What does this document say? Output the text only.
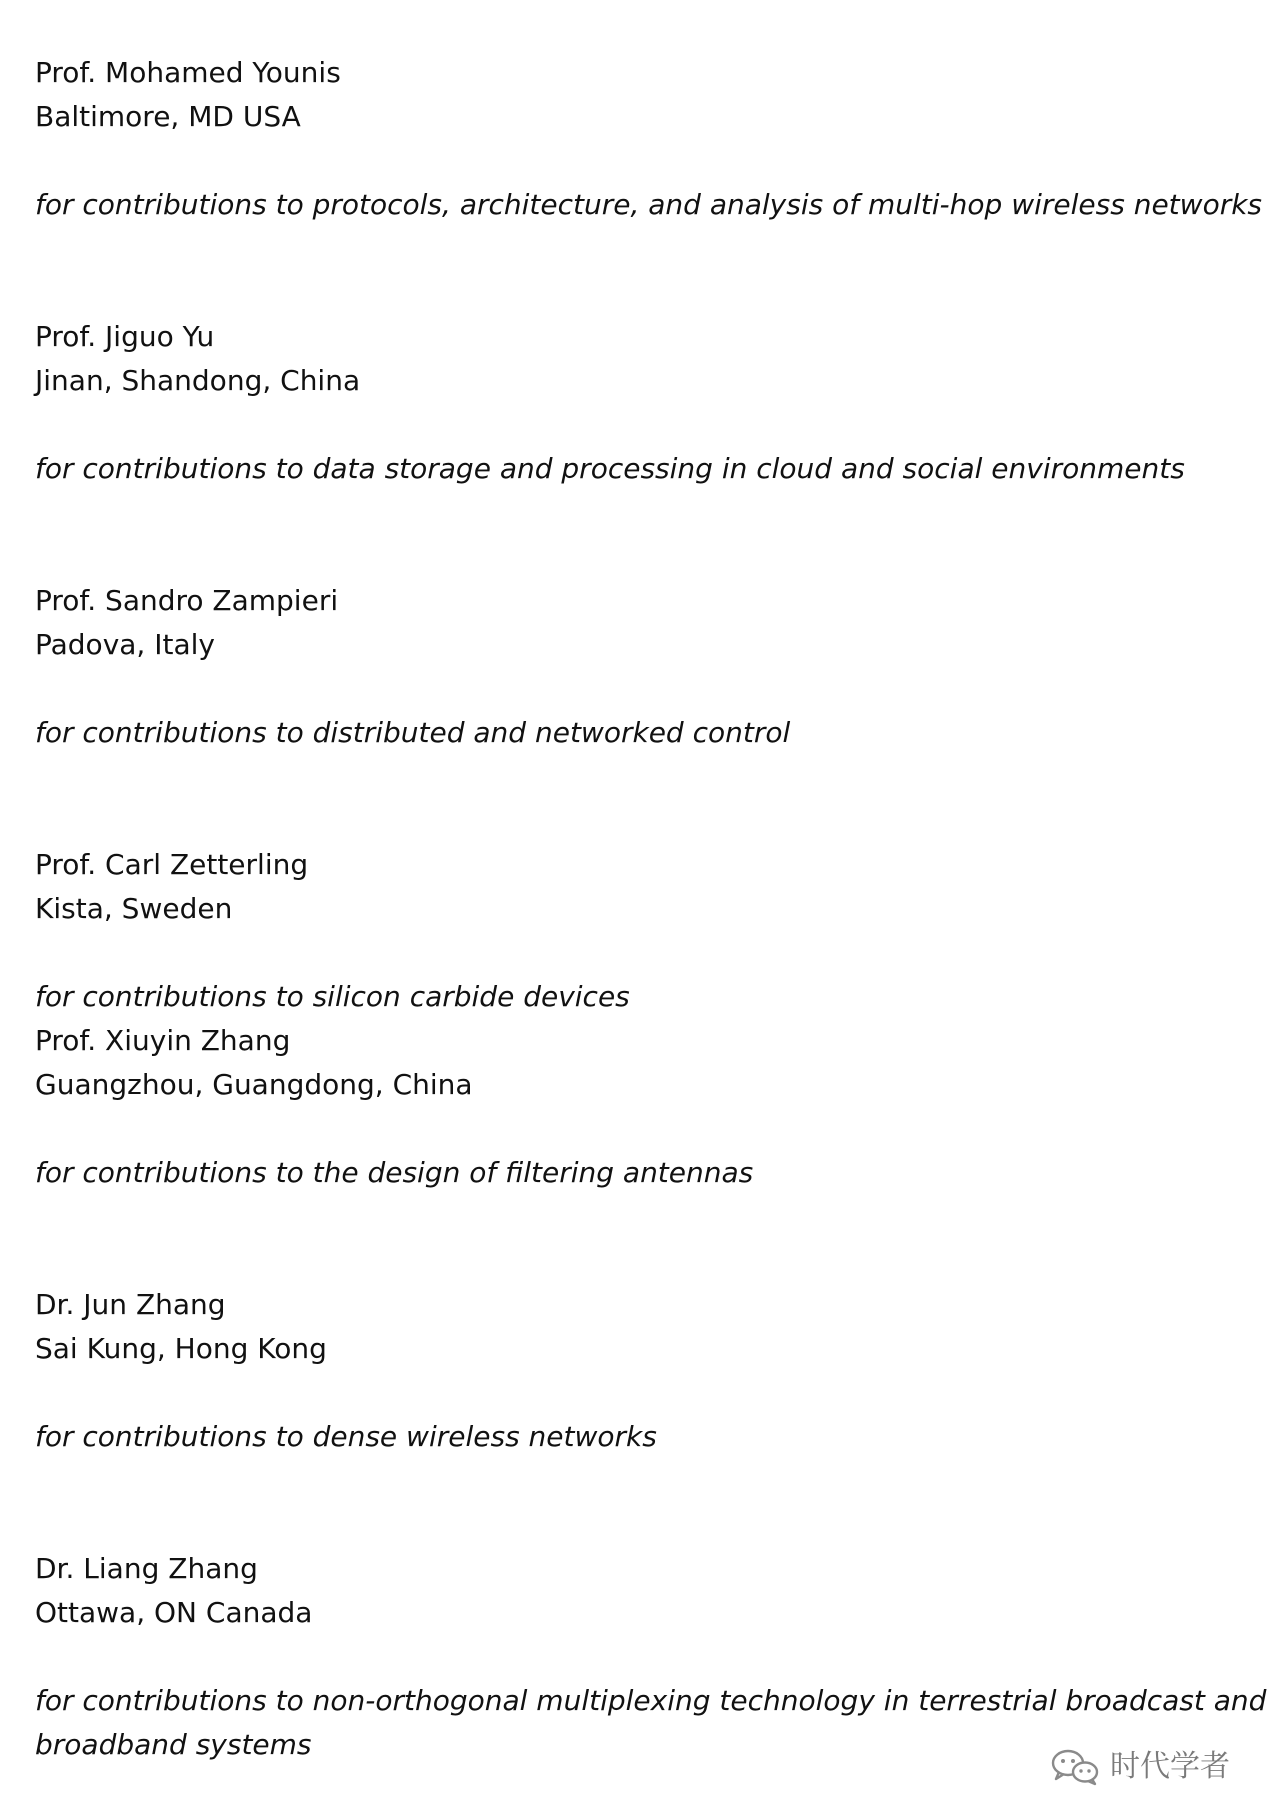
Prof. Mohamed Younis
Baltimore, MD USA
for contributions to protocols, architecture, and analysis of multi-hop wireless networks
Prof. Jiguo Yu
Jinan, Shandong, China
for contributions to data storage and processing in cloud and social environments
Prof. Sandro Zampieri
Padova, Italy
for contributions to distributed and networked control
Prof. Carl Zetterling
Kista, Sweden
for contributions to silicon carbide devices
Prof. Xiuyin Zhang
Guangzhou, Guangdong, China
for contributions to the design of filtering antennas
Dr. Jun Zhang
Sai Kung, Hong Kong
for contributions to dense wireless networks
Dr. Liang Zhang
Ottawa, ON Canada
for contributions to non-orthogonal multiplexing technology in terrestrial broadcast and
broadband systems
时代学者
